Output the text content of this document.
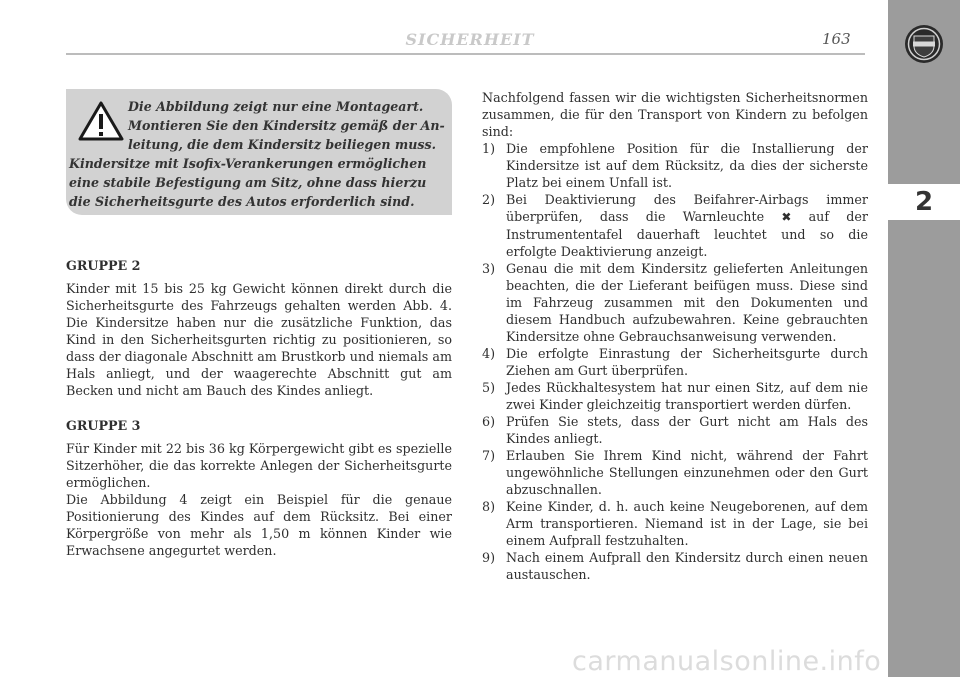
SICHERHEIT	163
2
Die Abbildung zeigt nur eine Montageart.
Montieren Sie den Kindersitz gemäß der An-
leitung, die dem Kindersitz beiliegen muss.
Kindersitze mit Isofix-Verankerungen ermöglichen
eine stabile Befestigung am Sitz, ohne dass hierzu
die Sicherheitsgurte des Autos erforderlich sind.
GRUPPE 2
Kinder mit 15 bis 25 kg Gewicht können direkt durch die Sicherheitsgurte des Fahrzeugs gehalten werden Abb. 4. Die Kindersitze haben nur die zusätzliche Funktion, das Kind in den Sicherheitsgurten richtig zu positionieren, so dass der diagonale Abschnitt am Brustkorb und niemals am Hals anliegt, und der waagerechte Abschnitt gut am Becken und nicht am Bauch des Kindes anliegt.
GRUPPE 3
Für Kinder mit 22 bis 36 kg Körpergewicht gibt es spezielle Sitzerhöher, die das korrekte Anlegen der Sicherheitsgurte ermöglichen.
Die Abbildung 4 zeigt ein Beispiel für die genaue Positionierung des Kindes auf dem Rücksitz. Bei einer Körpergröße von mehr als 1,50 m können Kinder wie Erwachsene angegurtet werden.
Nachfolgend fassen wir die wichtigsten Sicherheitsnormen zusammen, die für den Transport von Kindern zu befolgen sind:
1) Die empfohlene Position für die Installierung der Kindersitze ist auf dem Rücksitz, da dies der sicherste Platz bei einem Unfall ist.
2) Bei Deaktivierung des Beifahrer-Airbags immer überprüfen, dass die Warnleuchte ✖ auf der Instrumententafel dauerhaft leuchtet und so die erfolgte Deaktivierung anzeigt.
3) Genau die mit dem Kindersitz gelieferten Anleitungen beachten, die der Lieferant beifügen muss. Diese sind im Fahrzeug zusammen mit den Dokumenten und diesem Handbuch aufzubewahren. Keine gebrauchten Kindersitze ohne Gebrauchsanweisung verwenden.
4) Die erfolgte Einrastung der Sicherheitsgurte durch Ziehen am Gurt überprüfen.
5) Jedes Rückhaltesystem hat nur einen Sitz, auf dem nie zwei Kinder gleichzeitig transportiert werden dürfen.
6) Prüfen Sie stets, dass der Gurt nicht am Hals des Kindes anliegt.
7) Erlauben Sie Ihrem Kind nicht, während der Fahrt ungewöhnliche Stellungen einzunehmen oder den Gurt abzuschnallen.
8) Keine Kinder, d. h. auch keine Neugeborenen, auf dem Arm transportieren. Niemand ist in der Lage, sie bei einem Aufprall festzuhalten.
9) Nach einem Aufprall den Kindersitz durch einen neuen austauschen.
carmanualsonline.info
